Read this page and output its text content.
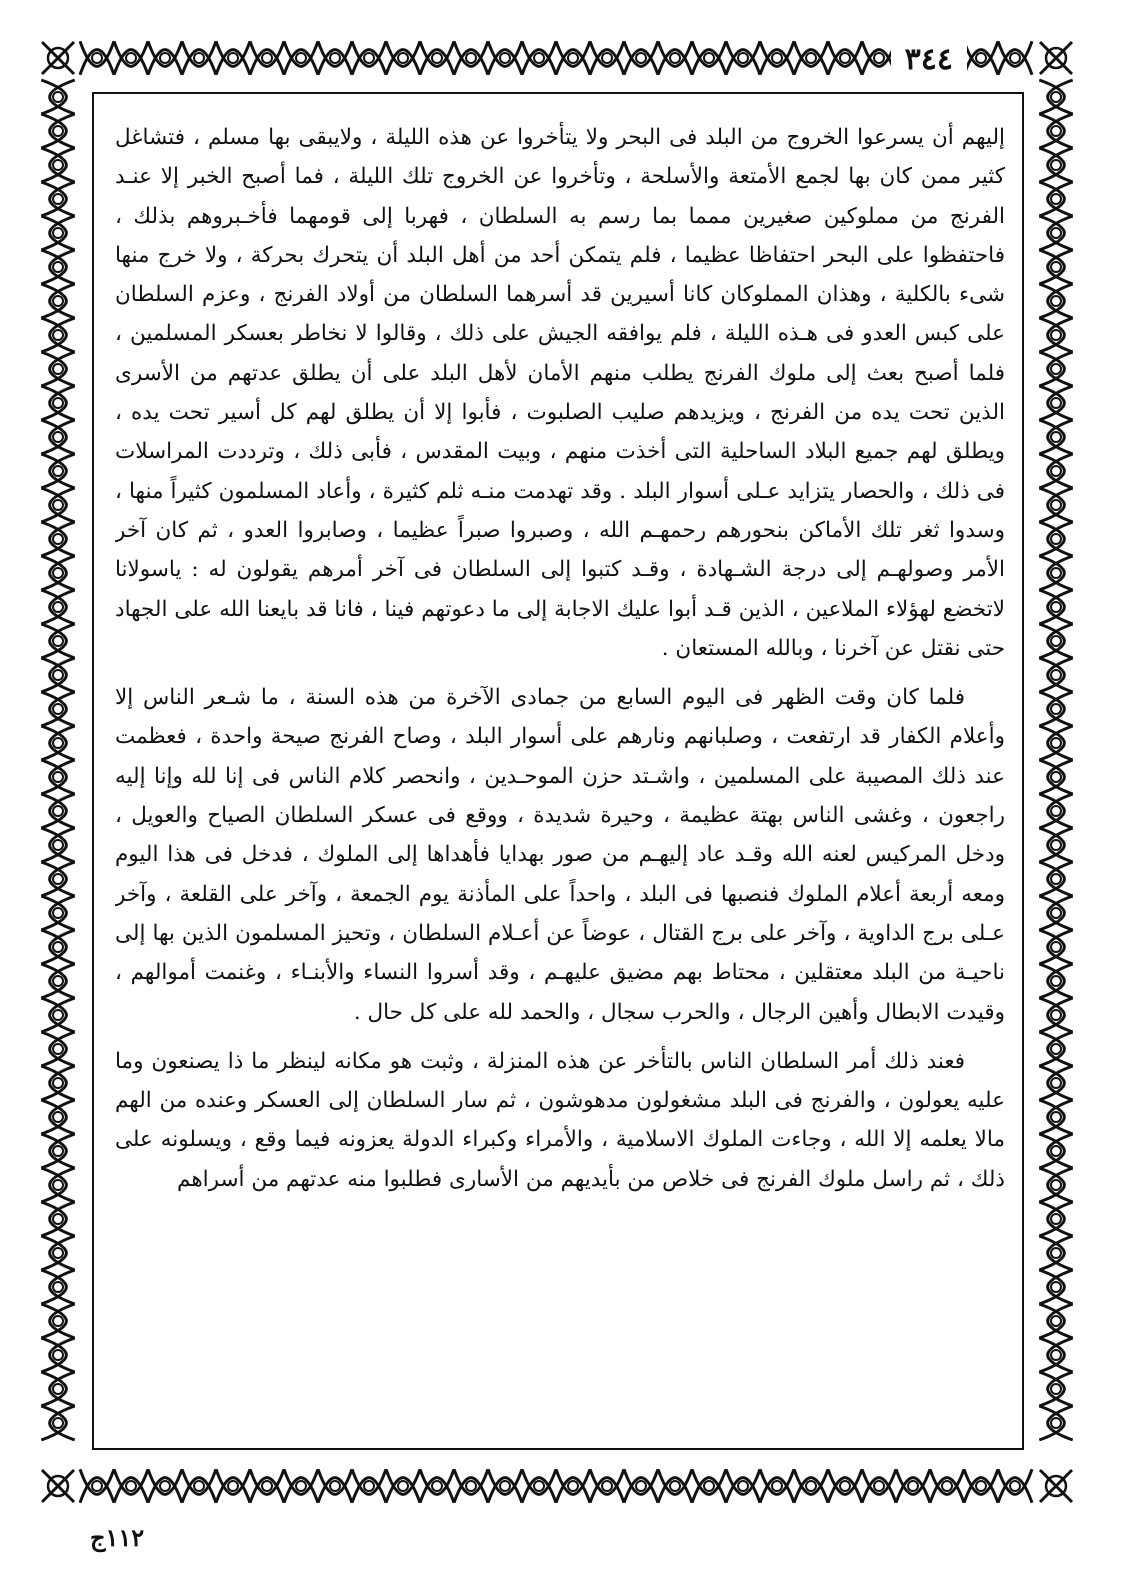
٣٤٤

إليهم أن يسرعوا الخروج من البلد فى البحر ولا يتأخروا عن هذه الليلة ، ولايبقى بها مسلم ، فتشاغل كثير ممن كان بها لجمع الأمتعة والأسلحة ، وتأخروا عن الخروج تلك الليلة ، فما أصبح الخبر إلا عنـد الفرنج من مملوكين صغيرين ممما بما رسم به السلطان ، فهربا إلى قومهما فأخـبروهم بذلك ، فاحتفظوا على البحر احتفاظا عظيما ، فلم يتمكن أحد من أهل البلد أن يتحرك بحركة ، ولا خرج منها شىء بالكلية ، وهذان المملوكان كانا أسيرين قد أسرهما السلطان من أولاد الفرنج ، وعزم السلطان على كبس العدو فى هـذه الليلة ، فلم يوافقه الجيش على ذلك ، وقالوا لا نخاطر بعسكر المسلمين ، فلما أصبح بعث إلى ملوك الفرنج يطلب منهم الأمان لأهل البلد على أن يطلق عدتهم من الأسرى الذين تحت يده من الفرنج ، ويزيدهم صليب الصلبوت ، فأبوا إلا أن يطلق لهم كل أسير تحت يده ، ويطلق لهم جميع البلاد الساحلية التى أخذت منهم ، وبيت المقدس ، فأبى ذلك ، وترددت المراسلات فى ذلك ، والحصار يتزايد عـلى أسوار البلد . وقد تهدمت منـه ثلم كثيرة ، وأعاد المسلمون كثيراً منها ، وسدوا ثغر تلك الأماكن بنحورهم رحمهـم الله ، وصبروا صبراً عظيما ، وصابروا العدو ، ثم كان آخر الأمر وصولهـم إلى درجة الشـهادة ، وقـد كتبوا إلى السلطان فى آخر أمرهم يقولون له : ياسولانا لاتخضع لهؤلاء الملاعين ، الذين قـد أبوا عليك الاجابة إلى ما دعوتهم فينا ، فانا قد بايعنا الله على الجهاد حتى نقتل عن آخرنا ، وبالله المستعان .

فلما كان وقت الظهر فى اليوم السابع من جمادى الآخرة من هذه السنة ، ما شـعر الناس إلا وأعلام الكفار قد ارتفعت ، وصلبانهم ونارهم على أسوار البلد ، وصاح الفرنج صيحة واحدة ، فعظمت عند ذلك المصيبة على المسلمين ، واشـتد حزن الموحـدين ، وانحصر كلام الناس فى إنا لله وإنا إليه راجعون ، وغشى الناس بهتة عظيمة ، وحيرة شديدة ، ووقع فى عسكر السلطان الصياح والعويل ، ودخل المركيس لعنه الله وقـد عاد إليهـم من صور بهدايا فأهداها إلى الملوك ، فدخل فى هذا اليوم ومعه أربعة أعلام الملوك فنصبها فى البلد ، واحداً على المأذنة يوم الجمعة ، وآخر على القلعة ، وآخر عـلى برج الداوية ، وآخر على برج القتال ، عوضاً عن أعـلام السلطان ، وتحيز المسلمون الذين بها إلى ناحيـة من البلد معتقلين ، محتاط بهم مضيق عليهـم ، وقد أسروا النساء والأبنـاء ، وغنمت أموالهم ، وقيدت الابطال وأهين الرجال ، والحرب سجال ، والحمد لله على كل حال .

فعند ذلك أمر السلطان الناس بالتأخر عن هذه المنزلة ، وثبت هو مكانه لينظر ما ذا يصنعون وما عليه يعولون ، والفرنج فى البلد مشغولون مدهوشون ، ثم سار السلطان إلى العسكر وعنده من الهم مالا يعلمه إلا الله ، وجاءت الملوك الاسلامية ، والأمراء وكبراء الدولة يعزونه فيما وقع ، ويسلونه على ذلك ، ثم راسل ملوك الفرنج فى خلاص من بأيديهم من الأسارى فطلبوا منه عدتهم من أسراهم

١١٢ج
